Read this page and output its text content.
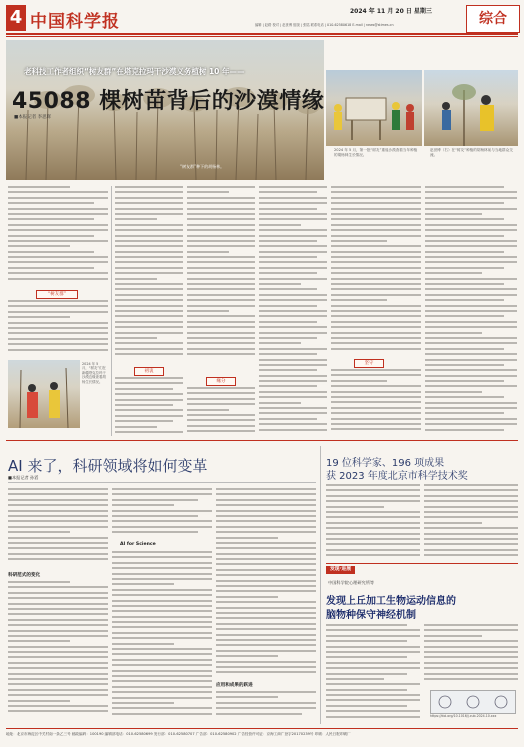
4 中国科学报
2024 年 11 月 20 日 星期三
编辑 | 赵路 校对 | 赵世博 组版 | 张铭 联系电话 | 010-62580618 E-mail | news@stimes.cn	综合
老科技工作者组织“树友群”在塔克拉玛干沙漠义务植树 10 年——
45088 棵树苗背后的沙漠情缘
■本报记者 李思辉
“树友群”种下的胡杨林。
2024 年 5 月，第一批“树友”重返沙漠查看当年种植的胡杨林生长情况。
赵世博（右）在“树友”种植的胡杨林前与当地群众交流。
“树友群”
2024 年 5 月，“树友”们在新疆塔克拉玛干沙漠边缘查看胡杨生长情况。
初衷
缘分
坚守
AI 来了，科研领域将如何变革
■本报记者 孙滔
科研范式的变化
AI for Science
应用和成果的跃进
19 位科学家、196 项成果
获 2023 年度北京市科学技术奖
发现·进展
中国科学院心理研究所等
发现上丘加工生物运动信息的
脑物种保守神经机制
https://doi.org/10.1016/j.cub.2024.10.xxx
地址：北京市海淀区中关村南一条乙三号 邮政编码：100190 编辑部电话：010-62580699 发行部：010-62580707 广告部：010-62580902 广告经营许可证：京海工商广登字20170239号 印刷：人民日报印刷厂
